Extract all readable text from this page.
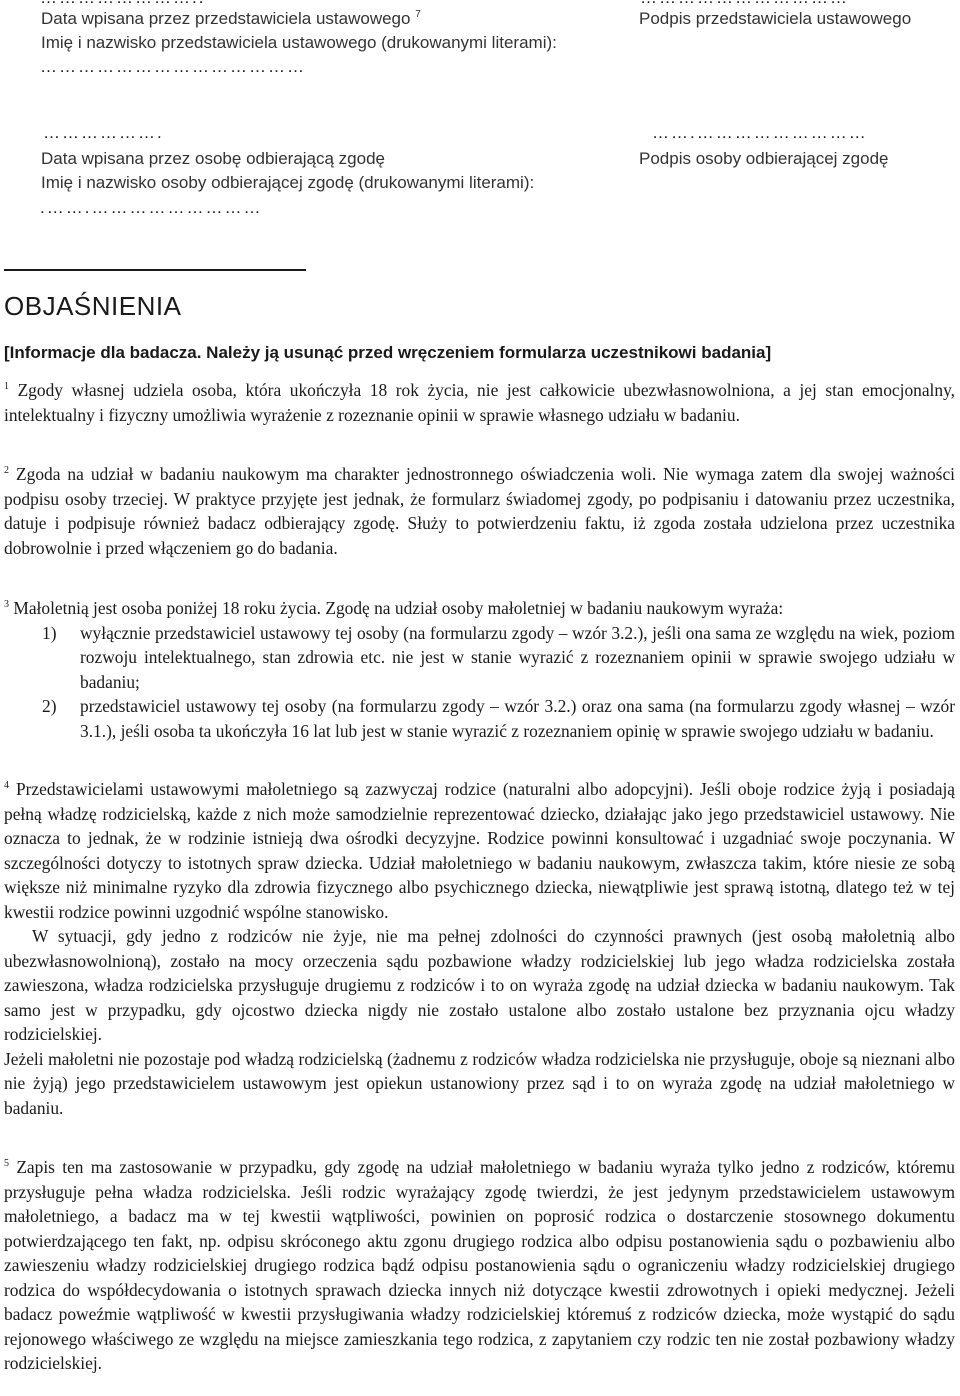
Data wpisana przez przedstawiciela ustawowego $^7$	Podpis przedstawiciela ustawowego
Imię i nazwisko przedstawiciela ustawowego (drukowanymi literami):
……………………………………
……………….	…….………………………
Data wpisana przez osobę odbierającą zgodę	Podpis osoby odbierającej zgodę
Imię i nazwisko osoby odbierającej zgodę (drukowanymi literami):
.…….………………………
OBJAŚNIENIA
[Informacje dla badacza. Należy ją usunąć przed wręczeniem formularza uczestnikowi badania]

$^1$ Zgody własnej udziela osoba, która ukończyła 18 rok życia, nie jest całkowicie ubezwłasnowolniona, a jej stan emocjonalny, intelektualny i fizyczny umożliwia wyrażenie z rozeznanie opinii w sprawie własnego udziału w badaniu.

$^2$ Zgoda na udział w badaniu naukowym ma charakter jednostronnego oświadczenia woli. Nie wymaga zatem dla swojej ważności podpisu osoby trzeciej. W praktyce przyjęte jest jednak, że formularz świadomej zgody, po podpisaniu i datowaniu przez uczestnika, datuje i podpisuje również badacz odbierający zgodę. Służy to potwierdzeniu faktu, iż zgoda została udzielona przez uczestnika dobrowolnie i przed włączeniem go do badania.

$^3$ Małoletnią jest osoba poniżej 18 roku życia. Zgodę na udział osoby małoletniej w badaniu naukowym wyraża:

1) wyłącznie przedstawiciel ustawowy tej osoby (na formularzu zgody – wzór 3.2.), jeśli ona sama ze względu na wiek, poziom rozwoju intelektualnego, stan zdrowia etc. nie jest w stanie wyrazić z rozeznaniem opinii w sprawie swojego udziału w badaniu;
2) przedstawiciel ustawowy tej osoby (na formularzu zgody – wzór 3.2.) oraz ona sama (na formularzu zgody własnej – wzór 3.1.), jeśli osoba ta ukończyła 16 lat lub jest w stanie wyrazić z rozeznaniem opinię w sprawie swojego udziału w badaniu.

$^4$ Przedstawicielami ustawowymi małoletniego są zazwyczaj rodzice (naturalni albo adopcyjni). Jeśli oboje rodzice żyją i posiadają pełną władzę rodzicielską, każde z nich może samodzielnie reprezentować dziecko, działając jako jego przedstawiciel ustawowy. Nie oznacza to jednak, że w rodzinie istnieją dwa ośrodki decyzyjne. Rodzice powinni konsultować i uzgadniać swoje poczynania. W szczególności dotyczy to istotnych spraw dziecka. Udział małoletniego w badaniu naukowym, zwłaszcza takim, które niesie ze sobą większe niż minimalne ryzyko dla zdrowia fizycznego albo psychicznego dziecka, niewątpliwie jest sprawą istotną, dlatego też w tej kwestii rodzice powinni uzgodnić wspólne stanowisko.

W sytuacji, gdy jedno z rodziców nie żyje, nie ma pełnej zdolności do czynności prawnych (jest osobą małoletnią albo ubezwłasnowolnioną), zostało na mocy orzeczenia sądu pozbawione władzy rodzicielskiej lub jego władza rodzicielska została zawieszona, władza rodzicielska przysługuje drugiemu z rodziców i to on wyraża zgodę na udział dziecka w badaniu naukowym. Tak samo jest w przypadku, gdy ojcostwo dziecka nigdy nie zostało ustalone albo zostało ustalone bez przyznania ojcu władzy rodzicielskiej.

Jeżeli małoletni nie pozostaje pod władzą rodzicielską (żadnemu z rodziców władza rodzicielska nie przysługuje, oboje są nieznani albo nie żyją) jego przedstawicielem ustawowym jest opiekun ustanowiony przez sąd i to on wyraża zgodę na udział małoletniego w badaniu.

$^5$ Zapis ten ma zastosowanie w przypadku, gdy zgodę na udział małoletniego w badaniu wyraża tylko jedno z rodziców, któremu przysługuje pełna władza rodzicielska. Jeśli rodzic wyrażający zgodę twierdzi, że jest jedynym przedstawicielem ustawowym małoletniego, a badacz ma w tej kwestii wątpliwości, powinien on poprosić rodzica o dostarczenie stosownego dokumentu potwierdzającego ten fakt, np. odpisu skróconego aktu zgonu drugiego rodzica albo odpisu postanowienia sądu o pozbawieniu albo zawieszeniu władzy rodzicielskiej drugiego rodzica bądź odpisu postanowienia sądu o ograniczeniu władzy rodzicielskiej drugiego rodzica do współdecydowania o istotnych sprawach dziecka innych niż dotyczące kwestii zdrowotnych i opieki medycznej. Jeżeli badacz poweźmie wątpliwość w kwestii przysługiwania władzy rodzicielskiej któremuś z rodziców dziecka, może wystąpić do sądu rejonowego właściwego ze względu na miejsce zamieszkania tego rodzica, z zapytaniem czy rodzic ten nie został pozbawiony władzy rodzicielskiej.
